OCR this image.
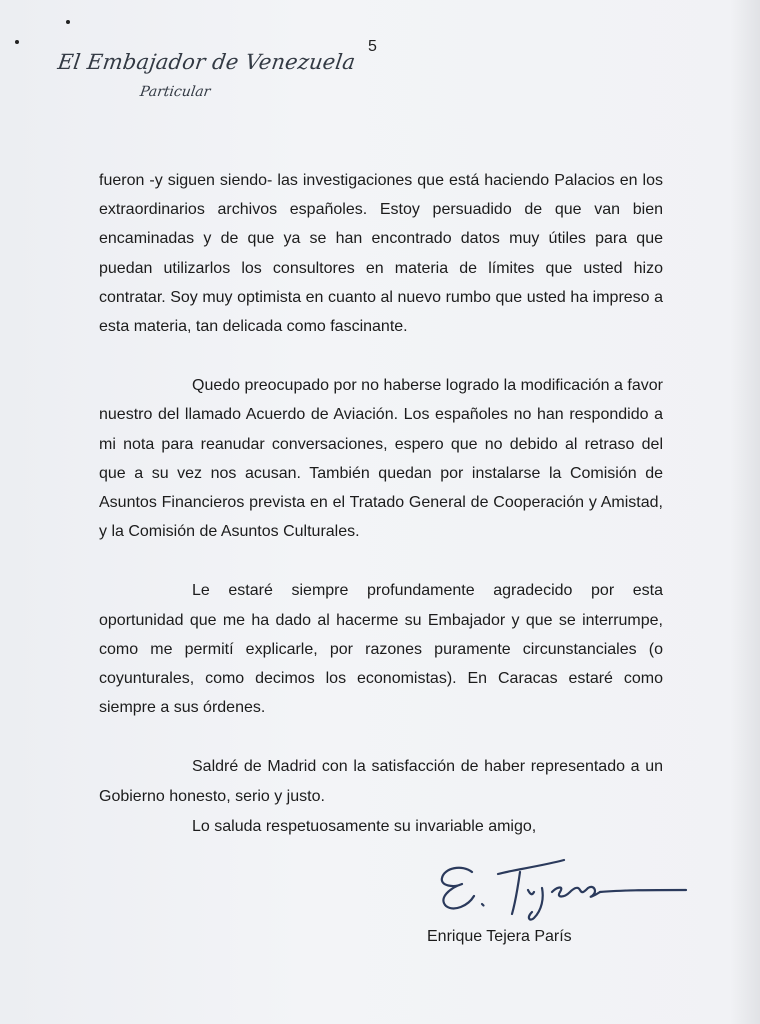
5
El Embajador de Venezuela
Particular

fueron -y siguen siendo- las investigaciones que está haciendo Palacios en los extraordinarios archivos españoles. Estoy persuadido de que van bien encaminadas y de que ya se han encontrado datos muy útiles para que puedan utilizarlos los consultores en materia de límites que usted hizo contratar. Soy muy optimista en cuanto al nuevo rumbo que usted ha impreso a esta materia, tan delicada como fascinante.

Quedo preocupado por no haberse logrado la modificación a favor nuestro del llamado Acuerdo de Aviación. Los españoles no han respondido a mi nota para reanudar conversaciones, espero que no debido al retraso del que a su vez nos acusan. También quedan por instalarse la Comisión de Asuntos Financieros prevista en el Tratado General de Cooperación y Amistad, y la Comisión de Asuntos Culturales.

Le estaré siempre profundamente agradecido por esta oportunidad que me ha dado al hacerme su Embajador y que se interrumpe, como me permití explicarle, por razones puramente circunstanciales (o coyunturales, como decimos los economistas). En Caracas estaré como siempre a sus órdenes.

Saldré de Madrid con la satisfacción de haber representado a un Gobierno honesto, serio y justo.

Lo saluda respetuosamente su invariable amigo,
Enrique Tejera París
